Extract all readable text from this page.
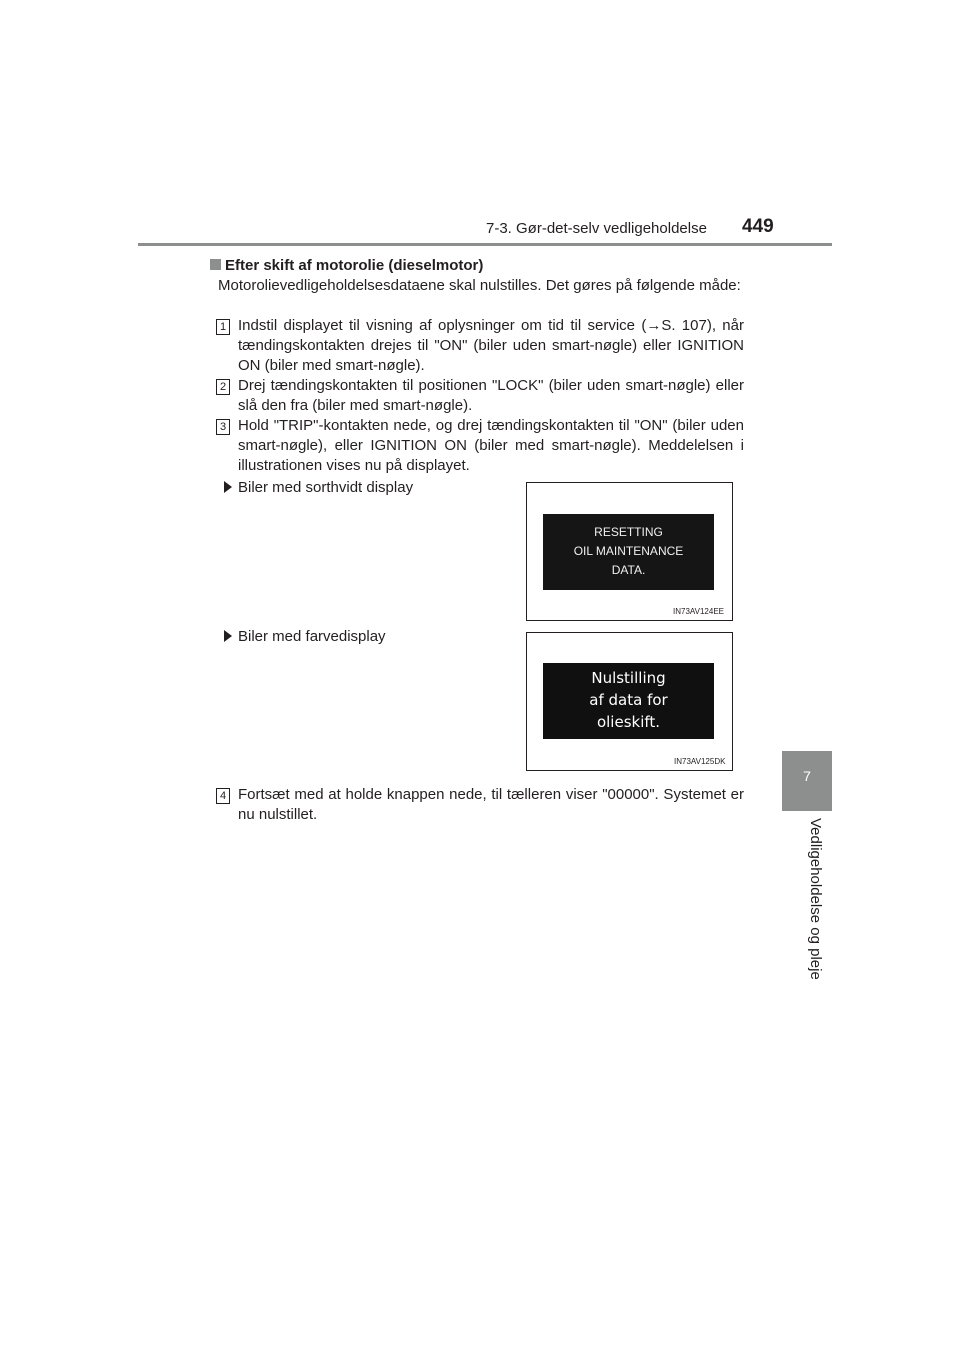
7-3. Gør-det-selv vedligeholdelse 449
7
Vedligeholdelse og pleje
Efter skift af motorolie (dieselmotor)
Motorolievedligeholdelsesdataene skal nulstilles. Det gøres på følgende måde:
1 Indstil displayet til visning af oplysninger om tid til service (→S. 107), når tændingskontakten drejes til "ON" (biler uden smart-nøgle) eller IGNITION ON (biler med smart-nøgle).
2 Drej tændingskontakten til positionen "LOCK" (biler uden smart-nøgle) eller slå den fra (biler med smart-nøgle).
3 Hold "TRIP"-kontakten nede, og drej tændingskontakten til "ON" (biler uden smart-nøgle), eller IGNITION ON (biler med smart-nøgle). Meddelelsen i illustrationen vises nu på displayet.
Biler med sorthvidt display
RESETTING
OIL MAINTENANCE
DATA.
IN73AV124EE
Biler med farvedisplay
Nulstilling
af data for
olieskift.
IN73AV125DK
4 Fortsæt med at holde knappen nede, til tælleren viser "00000". Systemet er nu nulstillet.
